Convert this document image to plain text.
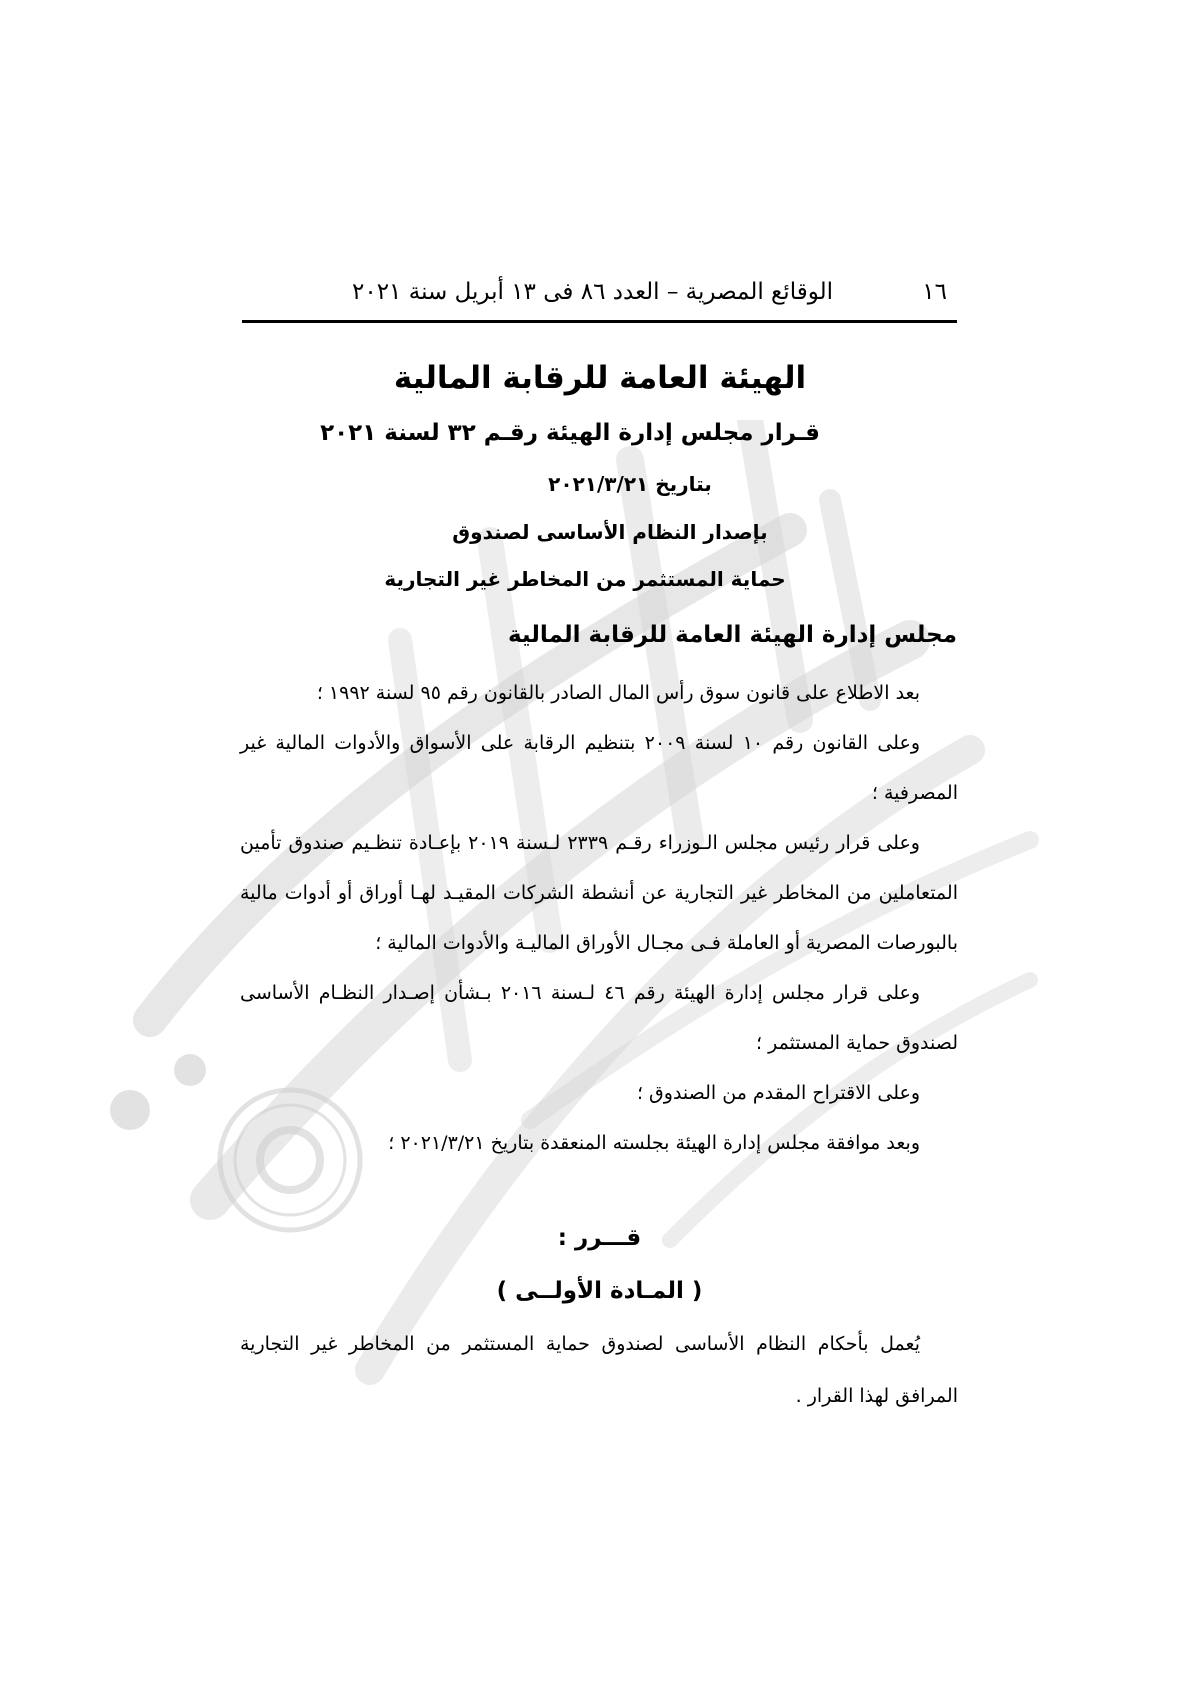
١٦
الوقائع المصرية – العدد ٨٦ فى ١٣ أبريل سنة ٢٠٢١
الهيئة العامة للرقابة المالية
قـرار مجلس إدارة الهيئة رقـم ٣٢ لسنة ٢٠٢١
بتاريخ ٢٠٢١/٣/٢١
بإصدار النظام الأساسى لصندوق
حماية المستثمر من المخاطر غير التجارية
مجلس إدارة الهيئة العامة للرقابة المالية

بعد الاطلاع على قانون سوق رأس المال الصادر بالقانون رقم ٩٥ لسنة ١٩٩٢ ؛

وعلى القانون رقم ١٠ لسنة ٢٠٠٩ بتنظيم الرقابة على الأسواق والأدوات المالية غير المصرفية ؛

وعلى قرار رئيس مجلس الـوزراء رقـم ٢٣٣٩ لـسنة ٢٠١٩ بإعـادة تنظـيم صندوق تأمين المتعاملين من المخاطر غير التجارية عن أنشطة الشركات المقيـد لهـا أوراق أو أدوات مالية بالبورصات المصرية أو العاملة فـى مجـال الأوراق الماليـة والأدوات المالية ؛

وعلى قرار مجلس إدارة الهيئة رقم ٤٦ لـسنة ٢٠١٦ بـشأن إصـدار النظـام الأساسى لصندوق حماية المستثمر ؛

وعلى الاقتراح المقدم من الصندوق ؛

وبعد موافقة مجلس إدارة الهيئة بجلسته المنعقدة بتاريخ ٢٠٢١/٣/٢١ ؛

قـــرر :
( المـادة الأولــى )

يُعمل بأحكام النظام الأساسى لصندوق حماية المستثمر من المخاطر غير التجارية المرافق لهذا القرار .
